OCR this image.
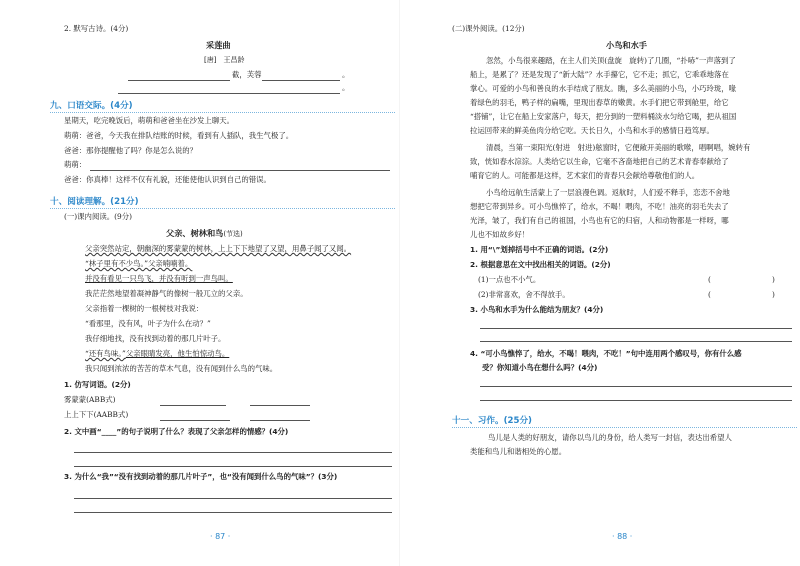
2. 默写古诗。(4分)
采莲曲
[唐]　王昌龄
截，芙蓉	。
。
九、口语交际。(4分)
星期天，吃完晚饭后，萌萌和爸爸坐在沙发上聊天。
萌萌：爸爸，今天我在排队结账的时候，看到有人插队，我生气极了。
爸爸：那你提醒他了吗？你是怎么说的？
萌萌：
爸爸：你真棒！这样不仅有礼貌，还能使他认识到自己的错误。
十、阅读理解。(21分)
(一)课内阅读。(9分)
父亲、树林和鸟(节选)
父亲突然站定，朝幽深的雾蒙蒙的树林，上上下下地望了又望，用鼻子闻了又闻。
“林子里有不少鸟。”父亲喃喃着。
并没有看见一只鸟飞，并没有听到一声鸟叫。
我茫茫然地望着凝神静气的像树一般兀立的父亲。
父亲指着一棵树的一根树枝对我说：
“看那里，没有风，叶子为什么在动？”
我仔细地找，没有找到动着的那几片叶子。
“还有鸟味。”父亲眼睛发亮，他生怕惊动鸟。
我只闻到浓浓的苦苦的草木气息，没有闻到什么鸟的气味。
1. 仿写词语。(2分)
雾蒙蒙(ABB式)
上上下下(AABB式)
2. 文中画“____”的句子说明了什么？表现了父亲怎样的情感？(4分)
3. 为什么“我”“没有找到动着的那几片叶子”，也“没有闻到什么鸟的气味”？(3分)
· 87 ·
(二)课外阅读。(12分)
小鸟和水手
忽然，小鸟很来趣踏，在主人们关顶(盘旋　旋转)了几圈，“扑哧”一声落到了
船上，是累了？还是发现了“新大陆”？水手攥它，它不走；抓它，它乖乖地落在
掌心。可爱的小鸟和善良的水手结成了朋友。瞧，多么美丽的小鸟，小巧玲珑，喙
着绿色的羽毛，鸭子样的扁嘴，里现出春草的嫩黄。水手们把它带到舱里，给它
“搭铺”，让它在船上安家落户，每天，把分到的一塑料桶淡水匀给它喝，把从祖国
拉运回带来的鲜美鱼肉分给它吃。天长日久，小鸟和水手的感情日趋笃厚。
清晨，当第一束阳光(射进　射进)舷窗时，它便敞开美丽的歌喉，唱啊唱，婉转有
致，恍如春水淙淙。人类给它以生命，它毫不吝啬地把自己的艺术青春奉献给了
哺育它的人。可能都是这样，艺术家们的青春只会献给尊敬他们的人。
小鸟给远航生活蒙上了一层浪漫色调。返航时，人们爱不释手，恋恋不舍地
想把它带到异乡。可小鸟憔悴了，给水，不喝！喂肉，不吃！油亮的羽毛失去了
光泽，皱了，我们有自己的祖国，小鸟也有它的归宿，人和动物都是一样呀，哪
儿也不如故乡好！
1. 用“\”划掉括号中不正确的词语。(2分)
2. 根据意思在文中找出相关的词语。(2分)
(1)一点也不小气。	(	)
(2)非常喜欢，舍不得放手。	(	)
3. 小鸟和水手为什么能结为朋友？(4分)
4. “可小鸟憔悴了，给水，不喝！喂肉，不吃！”句中连用两个感叹号，你有什么感
受？你知道小鸟在想什么吗？(4分)
十一、习作。(25分)
鸟儿是人类的好朋友，请你以鸟儿的身份，给人类写一封信，表达出希望人
类能和鸟儿和谐相处的心愿。
· 88 ·
